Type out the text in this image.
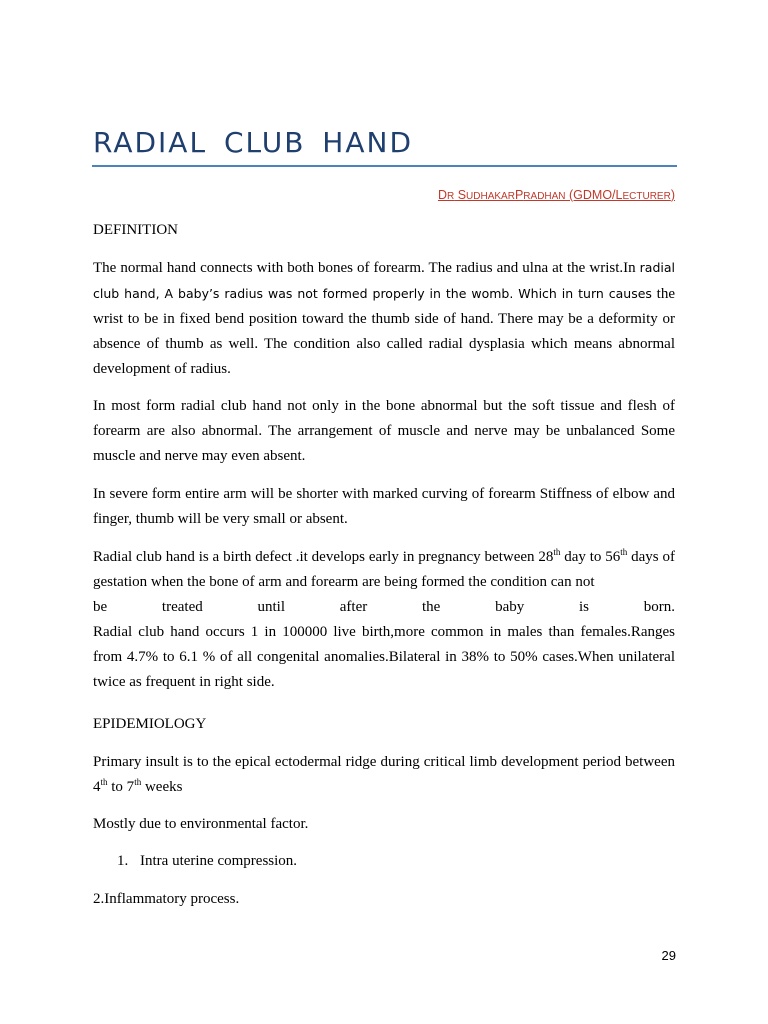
RADIAL CLUB HAND
DR SUDHAKARPRADHAN (GDMO/LECTURER)
DEFINITION
The normal hand connects with both bones of forearm. The radius and ulna at the wrist.In radial club hand, A baby’s radius was not formed properly in the womb. Which in turn causes the wrist to be in fixed bend position toward the thumb side of hand. There may be a deformity or absence of thumb as well. The condition also called radial dysplasia which means abnormal development of radius.
In most form radial club hand not only in the bone abnormal but the soft tissue and flesh of forearm are also abnormal. The arrangement of muscle and nerve may be unbalanced Some muscle and nerve may even absent.
In severe form entire arm will be shorter with marked curving of forearm Stiffness of elbow and finger, thumb will be very small or absent.
Radial club hand is a birth defect .it develops early in pregnancy between 28th day to 56th days of gestation when the bone of arm and forearm are being formed the condition can not
be	treated	until	after	the	baby	is	born.
Radial club hand occurs 1 in 100000 live birth,more common in males than females.Ranges from 4.7% to 6.1 % of all congenital anomalies.Bilateral in 38% to 50% cases.When unilateral twice as frequent in right side.
EPIDEMIOLOGY
Primary insult is to the epical ectodermal ridge during critical limb development period between 4th to 7th weeks
Mostly due to environmental factor.
1. Intra uterine compression.
2.Inflammatory process.
29
